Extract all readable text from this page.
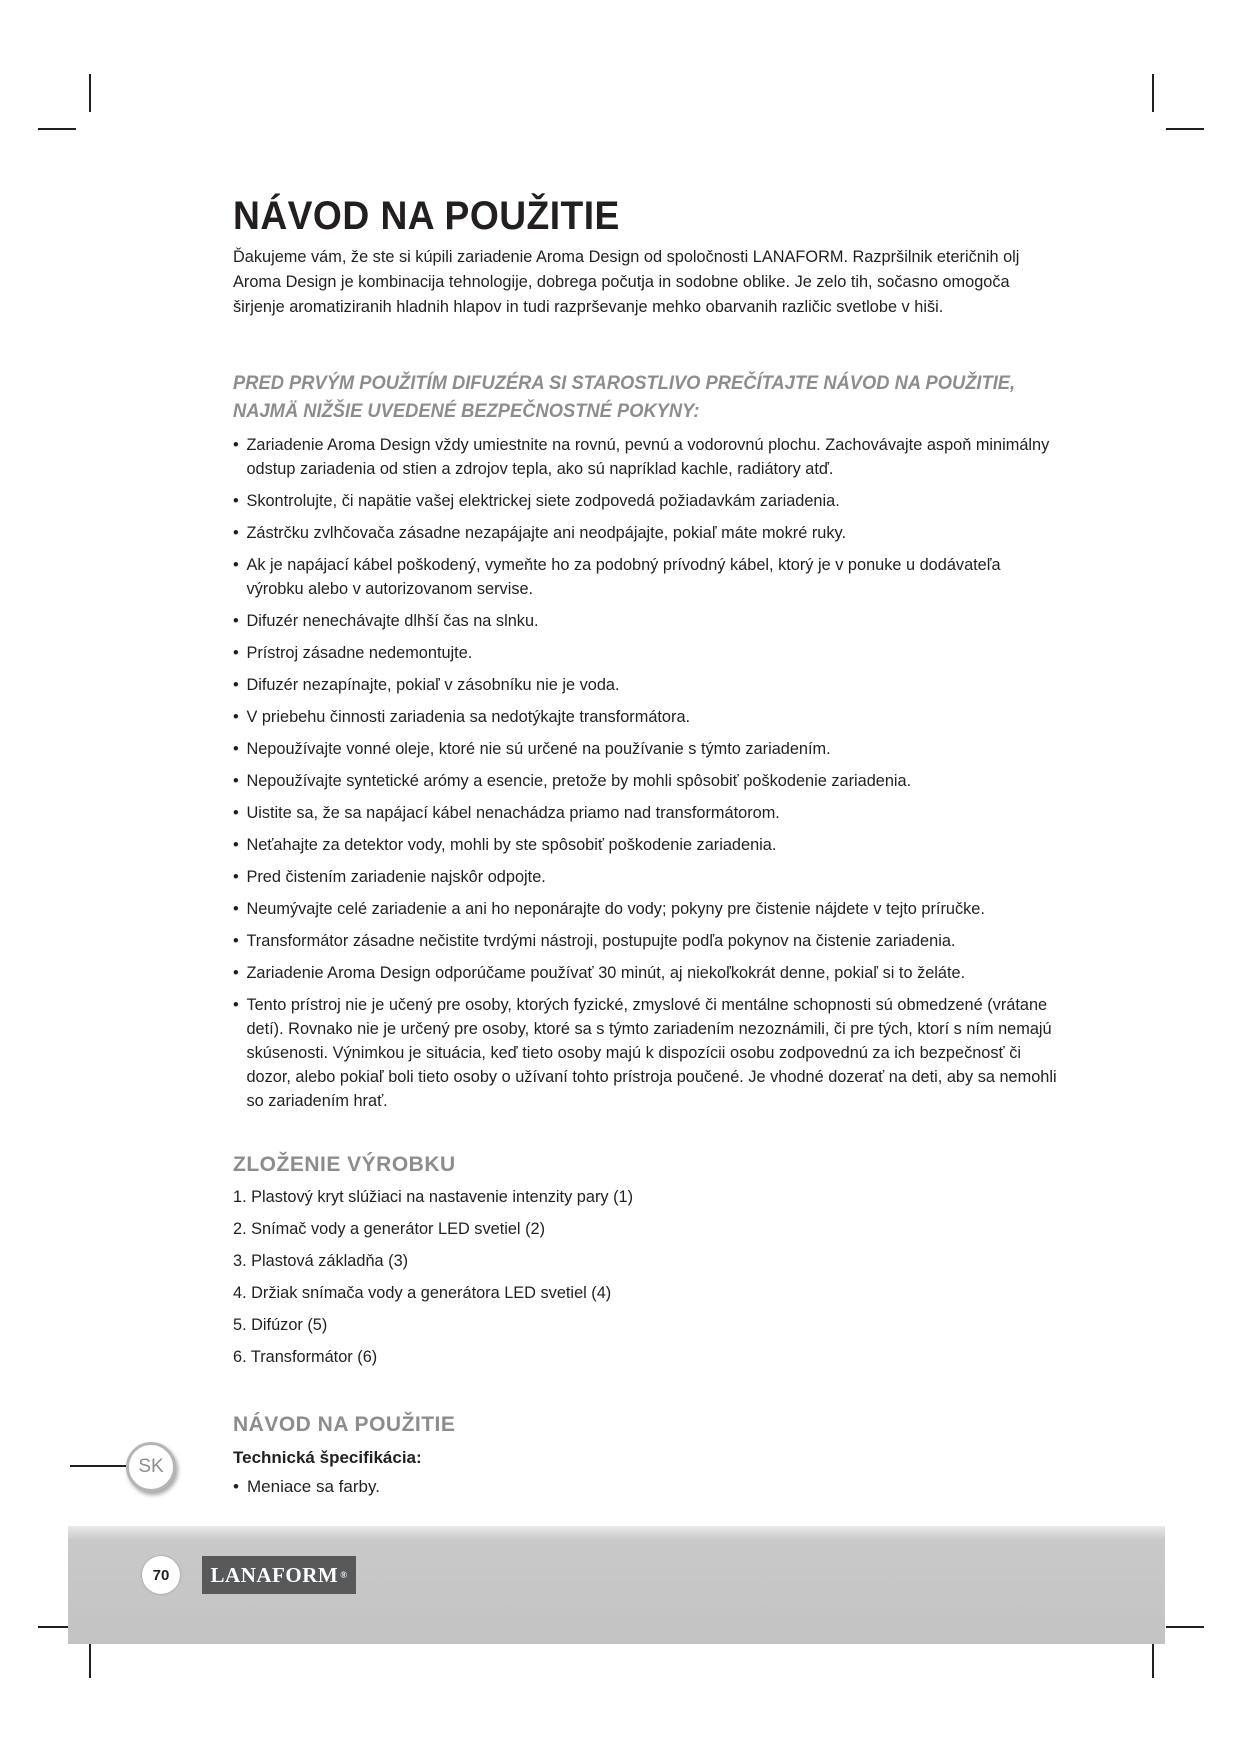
NÁVOD NA POUŽITIE

Ďakujeme vám, že ste si kúpili zariadenie Aroma Design od spoločnosti LANAFORM. Razpršilnik eteričnih olj Aroma Design je kombinacija tehnologije, dobrega počutja in sodobne oblike. Je zelo tih, sočasno omogoča širjenje aromatiziranih hladnih hlapov in tudi razprševanje mehko obarvanih različic svetlobe v hiši.

PRED PRVÝM POUŽITÍM DIFUZÉRA SI STAROSTLIVO PREČÍTAJTE NÁVOD NA POUŽITIE, NAJMÄ NIŽŠIE UVEDENÉ BEZPEČNOSTNÉ POKYNY:
• Zariadenie Aroma Design vždy umiestnite na rovnú, pevnú a vodorovnú plochu. Zachovávajte aspoň minimálny odstup zariadenia od stien a zdrojov tepla, ako sú napríklad kachle, radiátory atď.
• Skontrolujte, či napätie vašej elektrickej siete zodpovedá požiadavkám zariadenia.
• Zástrčku zvlhčovača zásadne nezapájajte ani neodpájajte, pokiaľ máte mokré ruky.
• Ak je napájací kábel poškodený, vymeňte ho za podobný prívodný kábel, ktorý je v ponuke u dodávateľa výrobku alebo v autorizovanom servise.
• Difuzér nenechávajte dlhší čas na slnku.
• Prístroj zásadne nedemontujte.
• Difuzér nezapínajte, pokiaľ v zásobníku nie je voda.
• V priebehu činnosti zariadenia sa nedotýkajte transformátora.
• Nepoužívajte vonné oleje, ktoré nie sú určené na používanie s týmto zariadením.
• Nepoužívajte syntetické arómy a esencie, pretože by mohli spôsobiť poškodenie zariadenia.
• Uistite sa, že sa napájací kábel nenachádza priamo nad transformátorom.
• Neťahajte za detektor vody, mohli by ste spôsobiť poškodenie zariadenia.
• Pred čistením zariadenie najskôr odpojte.
• Neumývajte celé zariadenie a ani ho neponárajte do vody; pokyny pre čistenie nájdete v tejto príručke.
• Transformátor zásadne nečistite tvrdými nástroji, postupujte podľa pokynov na čistenie zariadenia.
• Zariadenie Aroma Design odporúčame používať 30 minút, aj niekoľkokrát denne, pokiaľ si to želáte.
• Tento prístroj nie je učený pre osoby, ktorých fyzické, zmyslové či mentálne schopnosti sú obmedzené (vrátane detí). Rovnako nie je určený pre osoby, ktoré sa s týmto zariadením nezoznámili, či pre tých, ktorí s ním nemajú skúsenosti. Výnimkou je situácia, keď tieto osoby majú k dispozícii osobu zodpovednú za ich bezpečnosť či dozor, alebo pokiaľ boli tieto osoby o užívaní tohto prístroja poučené. Je vhodné dozerať na deti, aby sa nemohli so zariadením hrať.
ZLOŽENIE VÝROBKU
1. Plastový kryt slúžiaci na nastavenie intenzity pary (1)
2. Snímač vody a generátor LED svetiel (2)
3. Plastová základňa (3)
4. Držiak snímača vody a generátora LED svetiel (4)
5. Difúzor (5)
6. Transformátor (6)
NÁVOD NA POUŽITIE
Technická špecifikácia:
• Meniace sa farby.
SK
70	LANAFORM ®
